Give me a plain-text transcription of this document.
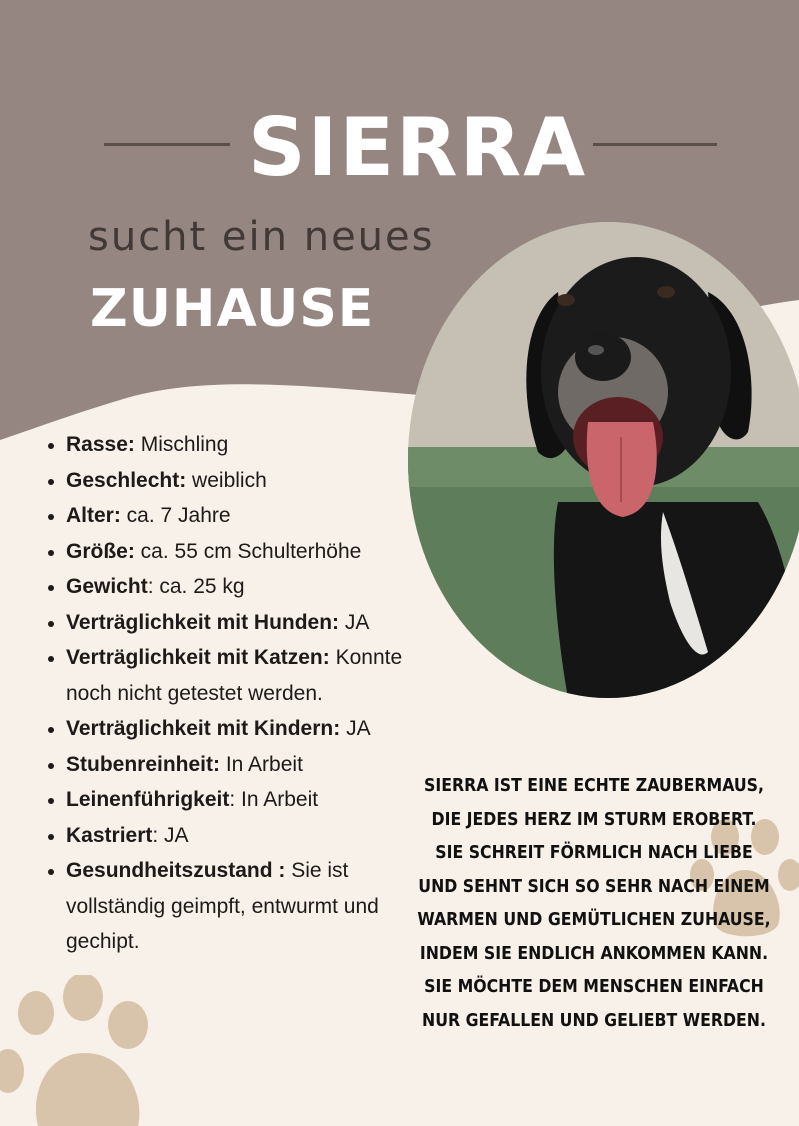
SIERRA
sucht ein neues
ZUHAUSE
• Rasse: Mischling
• Geschlecht: weiblich
• Alter: ca. 7 Jahre
• Größe: ca. 55 cm Schulterhöhe
• Gewicht: ca. 25 kg
• Verträglichkeit mit Hunden: JA
• Verträglichkeit mit Katzen: Konnte noch nicht getestet werden.
• Verträglichkeit mit Kindern: JA
• Stubenreinheit: In Arbeit
• Leinenführigkeit: In Arbeit
• Kastriert: JA
• Gesundheitszustand : Sie ist vollständig geimpft, entwurmt und gechipt.
SIERRA IST EINE ECHTE ZAUBERMAUS,
DIE JEDES HERZ IM STURM EROBERT.
SIE SCHREIT FÖRMLICH NACH LIEBE
UND SEHNT SICH SO SEHR NACH EINEM
WARMEN UND GEMÜTLICHEN ZUHAUSE,
INDEM SIE ENDLICH ANKOMMEN KANN.
SIE MÖCHTE DEM MENSCHEN EINFACH
NUR GEFALLEN UND GELIEBT WERDEN.
